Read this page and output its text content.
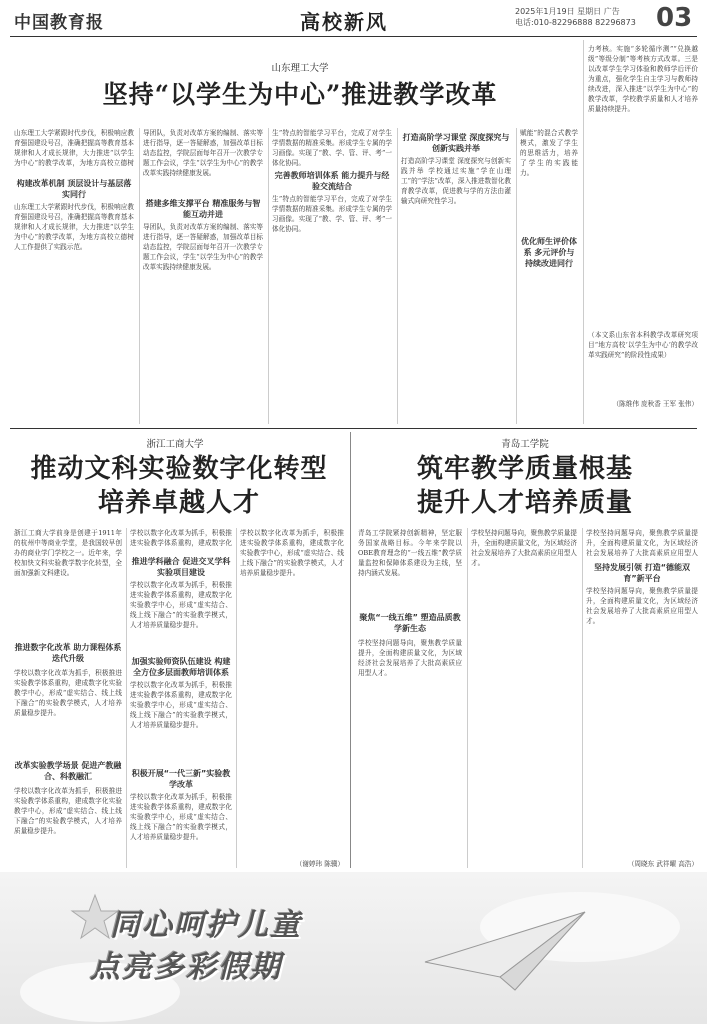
中国教育报	高校新风	2025年1月19日 星期日 广告
电话:010-82296888 82296873 03
山东理工大学
坚持“以学生为中心”推进教学改革
山东理工大学紧跟时代步伐，积极响应教育强国建设号召，准确把握高等教育基本规律和人才成长规律，大力推进“以学生为中心”的教学改革，为地方高校立德树
构建改革机制 顶层设计与基层落实同行
山东理工大学紧跟时代步伐，积极响应教育强国建设号召，准确把握高等教育基本规律和人才成长规律，大力推进“以学生为中心”的教学改革，为地方高校立德树人工作提供了实践示范。
导团队，负责对改革方案的编制、落实等进行指导，逐一答疑解惑，加强改革目标动态监控，学院层面每年召开一次教学专题工作会议，学生“以学生为中心”的教学改革实践持续健康发展。
搭建多维支撑平台 精准服务与智能互动并进
导团队，负责对改革方案的编制、落实等进行指导，逐一答疑解惑，加强改革目标动态监控，学院层面每年召开一次教学专题工作会议，学生“以学生为中心”的教学改革实践持续健康发展。
生”特点的智能学习平台，完成了对学生学情数据的精准采集。形成学生专属的学习画像。实现了“教、学、管、评、考”一体化协同。
完善教师培训体系 能力提升与经验交流结合
生”特点的智能学习平台，完成了对学生学情数据的精准采集。形成学生专属的学习画像。实现了“教、学、管、评、考”一体化协同。
打造高阶学习课堂 深度探究与创新实践并举
打造高阶学习课堂 深度探究与创新实践并举 学校通过实施“学在山理工”的“学法”改革，深入推进数智化教育教学改革，促进教与学的方法由灌输式向研究性学习。
赋能”的混合式教学模式，激发了学生的思维活力，培养了学生的实践能力。
优化师生评价体系 多元评价与持续改进同行
力考核。实施“多轮循序测”“兑换越级”等级分制”等考核方式改革。三是以改革学生学习体验和教师学后评价为重点，强化学生自主学习与教师持续改进，深入推进“以学生为中心”的教学改革，学校教学质量和人才培养质量持续提升。
（本文系山东省本科教学改革研究项目“地方高校‘以学生为中心’的教学改革实践研究”的阶段性成果）
（陈维伟 庞秋香 王军 张伟）
浙江工商大学
推动文科实验数字化转型
培养卓越人才
浙江工商大学前身是创建于1911年的杭州中等商业学堂，是我国较早创办的商业学门学校之一。近年来，学校加快文科实验教学数字化转型，全面加强新文科建设。
推进数字化改革 助力课程体系迭代升级
学校以数字化改革为抓手，积极推进实验教学体系重构，建成数字化实验教学中心，形成“虚实结合、线上线下融合”的实验教学模式，人才培养质量稳步提升。
改革实验教学场景 促进产教融合、科教融汇
学校以数字化改革为抓手，积极推进实验教学体系重构，建成数字化实验教学中心，形成“虚实结合、线上线下融合”的实验教学模式，人才培养质量稳步提升。
学校以数字化改革为抓手，积极推进实验教学体系重构，建成数字化
推进学科融合 促进交叉学科实验项目建设
学校以数字化改革为抓手，积极推进实验教学体系重构，建成数字化实验教学中心，形成“虚实结合、线上线下融合”的实验教学模式，人才培养质量稳步提升。
加强实验师资队伍建设 构建全方位多层面教师培训体系
学校以数字化改革为抓手，积极推进实验教学体系重构，建成数字化实验教学中心，形成“虚实结合、线上线下融合”的实验教学模式，人才培养质量稳步提升。
积极开展“一代三新”实验教学改革
学校以数字化改革为抓手，积极推进实验教学体系重构，建成数字化实验教学中心，形成“虚实结合、线上线下融合”的实验教学模式，人才培养质量稳步提升。
学校以数字化改革为抓手，积极推进实验教学体系重构，建成数字化实验教学中心，形成“虚实结合、线上线下融合”的实验教学模式，人才培养质量稳步提升。
（谢婷玮 陈骥）
青岛工学院
筑牢教学质量根基
提升人才培养质量
青岛工学院紧持创新精神，坚定服务国家战略目标。今年来学院以OBE教育理念的“一线五维”教学质量监控和保障体系建设为主线，坚持内涵式发展。
聚焦“一线五维” 塑造品质教学新生态
学校坚持问题导向，聚焦教学质量提升，全面构建质量文化，为区域经济社会发展培养了大批高素质应用型人才。
学校坚持问题导向，聚焦教学质量提升，全面构建质量文化，为区域经济社会发展培养了大批高素质应用型人才。
学校坚持问题导向，聚焦教学质量提升，全面构建质量文化，为区域经济社会发展培养了大批高素质应用型人
坚持发展引领 打造“德能双育”新平台
学校坚持问题导向，聚焦教学质量提升，全面构建质量文化，为区域经济社会发展培养了大批高素质应用型人才。
（周晓东 武祥曜 高浩）
同心呵护儿童
点亮多彩假期
